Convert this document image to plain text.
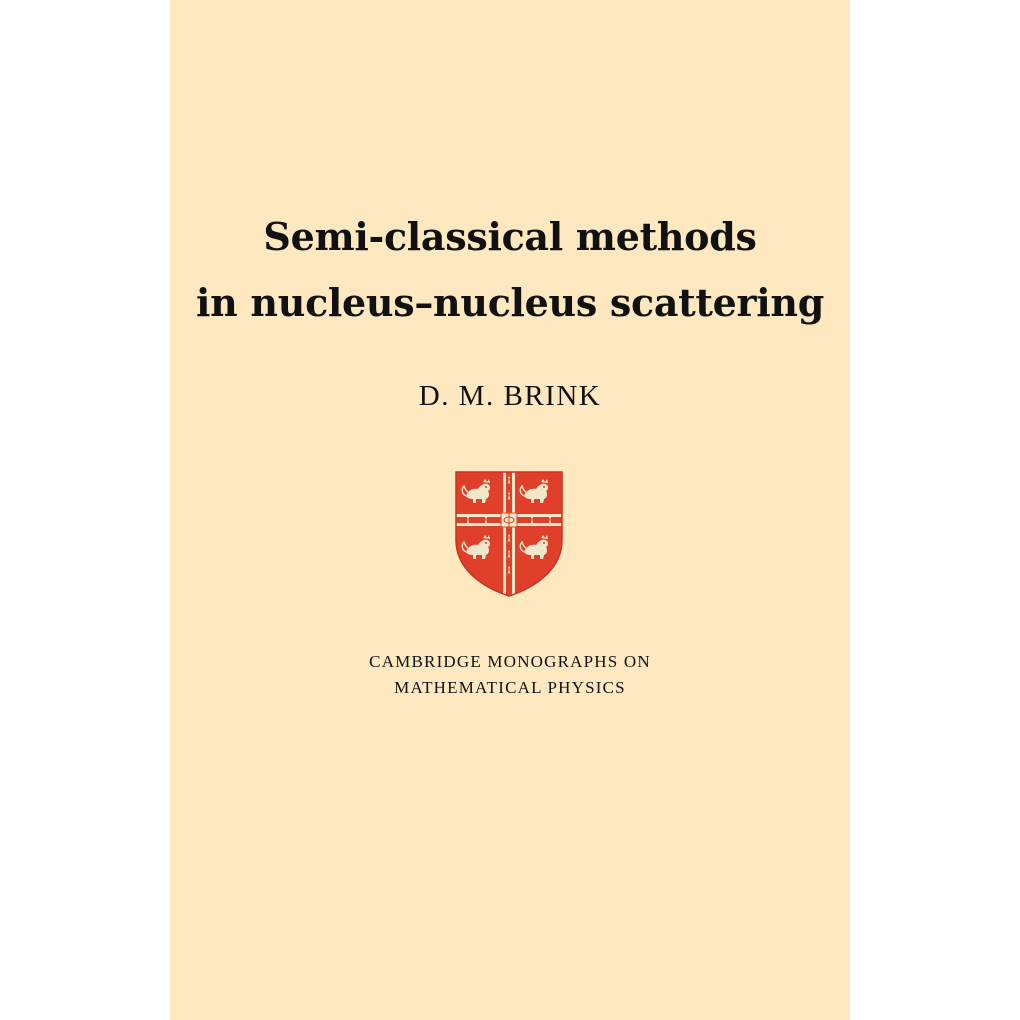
Semi-classical methods
in nucleus–nucleus scattering

D. M. BRINK

CAMBRIDGE MONOGRAPHS ON

MATHEMATICAL PHYSICS
